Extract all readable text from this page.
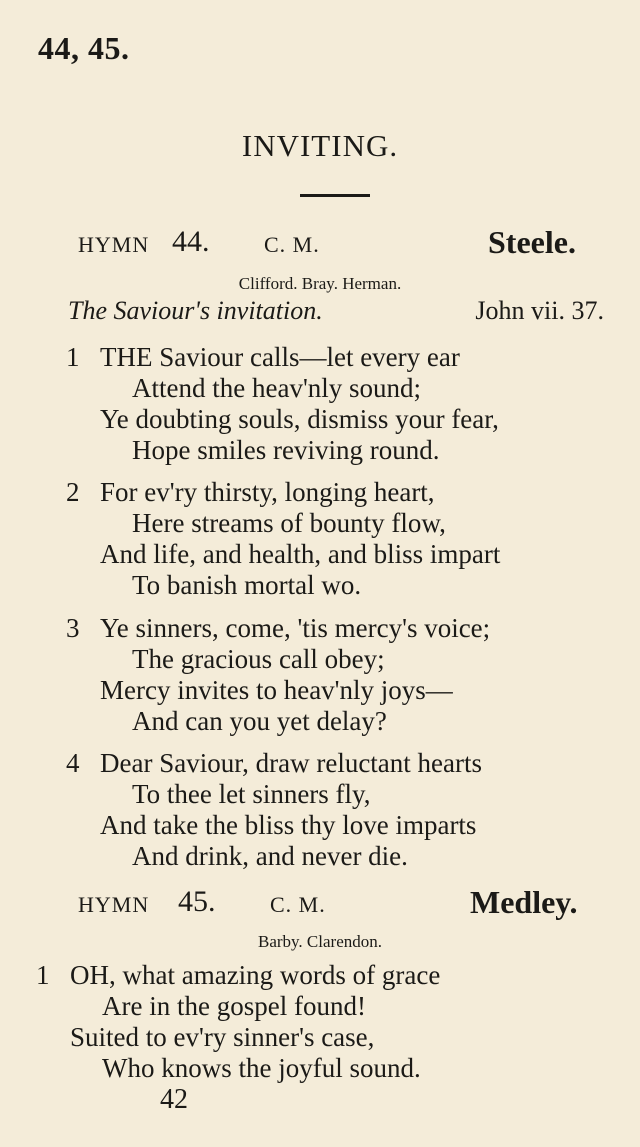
44, 45.
INVITING.
HYMN 44. C. M.	Steele.
Clifford. Bray. Herman.
The Saviour's invitation.	John vii. 37.
1 THE Saviour calls—let every ear
Attend the heav'nly sound;
Ye doubting souls, dismiss your fear,
Hope smiles reviving round.
2 For ev'ry thirsty, longing heart,
Here streams of bounty flow,
And life, and health, and bliss impart
To banish mortal wo.
3 Ye sinners, come, 'tis mercy's voice;
The gracious call obey;
Mercy invites to heav'nly joys—
And can you yet delay?
4 Dear Saviour, draw reluctant hearts
To thee let sinners fly,
And take the bliss thy love imparts
And drink, and never die.
HYMN 45. C. M.	Medley.
Barby. Clarendon.
1 OH, what amazing words of grace
Are in the gospel found!
Suited to ev'ry sinner's case,
Who knows the joyful sound.
42
